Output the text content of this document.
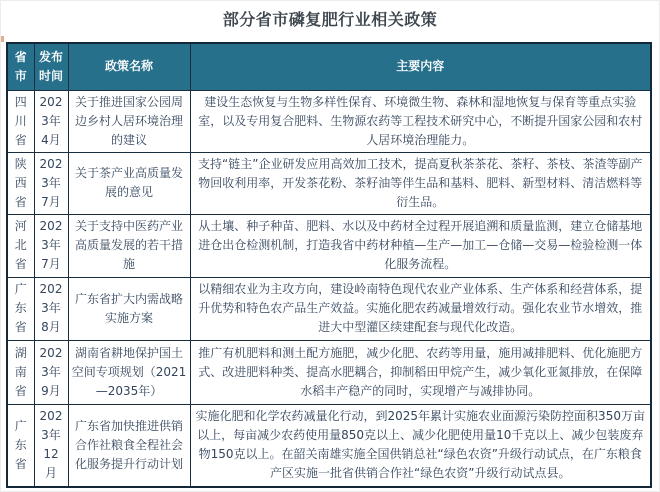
部分省市磷复肥行业相关政策
省市	发布时间	政策名称	主要内容
四川省	2023年4月	关于推进国家公园周边乡村人居环境治理的建议	建设生态恢复与生物多样性保育、环境微生物、森林和湿地恢复与保育等重点实验室，以及专用复合肥料、生物源农药等工程技术研究中心，不断提升国家公园和农村人居环境治理能力。
陕西省	2023年7月	关于茶产业高质量发展的意见	支持“链主”企业研发应用高效加工技术，提高夏秋茶茶花、茶籽、茶枝、茶渣等副产物回收利用率，开发茶花粉、茶籽油等伴生品和基料、肥料、新型材料、清洁燃料等衍生品。
河北省	2023年7月	关于支持中医药产业高质量发展的若干措施	从土壤、种子种苗、肥料、水以及中药材全过程开展追溯和质量监测，建立仓储基地进仓出仓检测机制，打造我省中药材种植—生产—加工—仓储—交易—检验检测一体化服务流程。
广东省	2023年8月	广东省扩大内需战略实施方案	以精细农业为主攻方向，建设岭南特色现代农业产业体系、生产体系和经营体系，提升优势和特色农产品生产效益。实施化肥农药减量增效行动。强化农业节水增效，推进大中型灌区续建配套与现代化改造。
湖南省	2023年9月	湖南省耕地保护国土空间专项规划（2021—2035年）	推广有机肥料和测土配方施肥，减少化肥、农药等用量，施用减排肥料、优化施肥方式、改进肥料种类、提高水肥耦合，抑制稻田甲烷产生，减少氧化亚氮排放，在保障水稻丰产稳产的同时，实现增产与减排协同。
广东省	2023年12月	广东省加快推进供销合作社粮食全程社会化服务提升行动计划	实施化肥和化学农药减量化行动，到2025年累计实施农业面源污染防控面积350万亩以上，每亩减少农药使用量850克以上、减少化肥使用量10千克以上、减少包装废弃物150克以上。在韶关南雄实施全国供销总社“绿色农资”升级行动试点，在广东粮食产区实施一批省供销合作社“绿色农资”升级行动试点县。
